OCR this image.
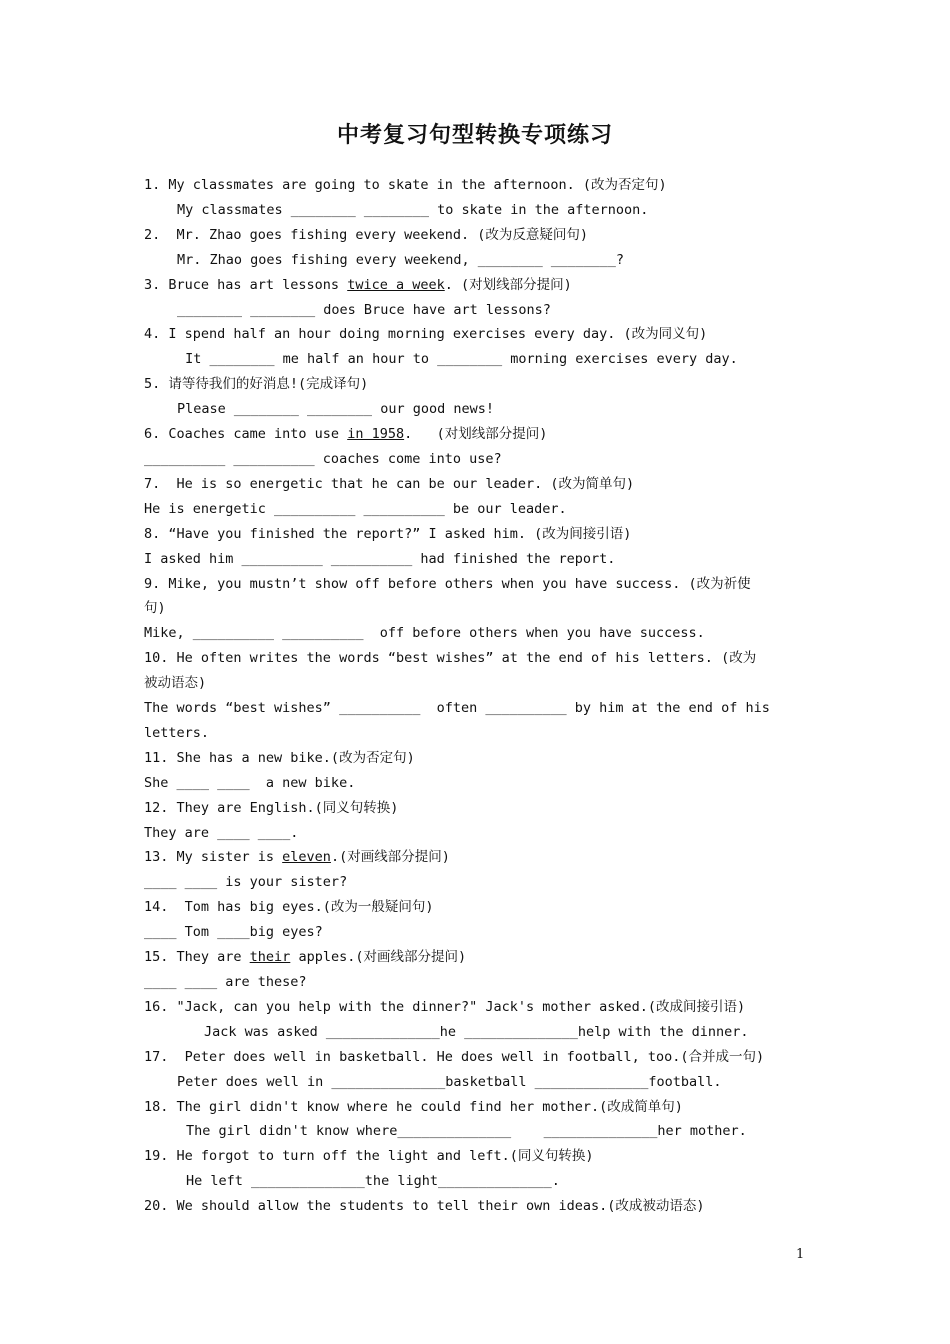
中考复习句型转换专项练习
1. My classmates are going to skate in the afternoon. (改为否定句)
My classmates ________ ________ to skate in the afternoon.
2.  Mr. Zhao goes fishing every weekend. (改为反意疑问句)
Mr. Zhao goes fishing every weekend, ________ ________?
3. Bruce has art lessons twice a week. (对划线部分提问)
________ ________ does Bruce have art lessons?
4. I spend half an hour doing morning exercises every day. (改为同义句)
It ________ me half an hour to ________ morning exercises every day.
5. 请等待我们的好消息!(完成译句)
Please ________ ________ our good news!
6. Coaches came into use in 1958.   (对划线部分提问)
__________ __________ coaches come into use?
7.  He is so energetic that he can be our leader. (改为简单句)
He is energetic __________ __________ be our leader.
8. “Have you finished the report?” I asked him. (改为间接引语)
I asked him __________ __________ had finished the report.
9. Mike, you mustn’t show off before others when you have success. (改为祈使
句)
Mike, __________ __________  off before others when you have success.
10. He often writes the words “best wishes” at the end of his letters. (改为
被动语态)
The words “best wishes” __________  often __________ by him at the end of his
letters.
11. She has a new bike.(改为否定句)
She ____ ____  a new bike.
12. They are English.(同义句转换)
They are ____ ____.
13. My sister is eleven.(对画线部分提问)
____ ____ is your sister?
14.  Tom has big eyes.(改为一般疑问句)
____ Tom ____big eyes?
15. They are their apples.(对画线部分提问)
____ ____ are these?
16. "Jack, can you help with the dinner?" Jack's mother asked.(改成间接引语)
Jack was asked ______________he ______________help with the dinner.
17.  Peter does well in basketball. He does well in football, too.(合并成一句)
Peter does well in ______________basketball ______________football.
18. The girl didn't know where he could find her mother.(改成简单句)
The girl didn't know where______________    ______________her mother.
19. He forgot to turn off the light and left.(同义句转换)
He left ______________the light______________.
20. We should allow the students to tell their own ideas.(改成被动语态)
1
